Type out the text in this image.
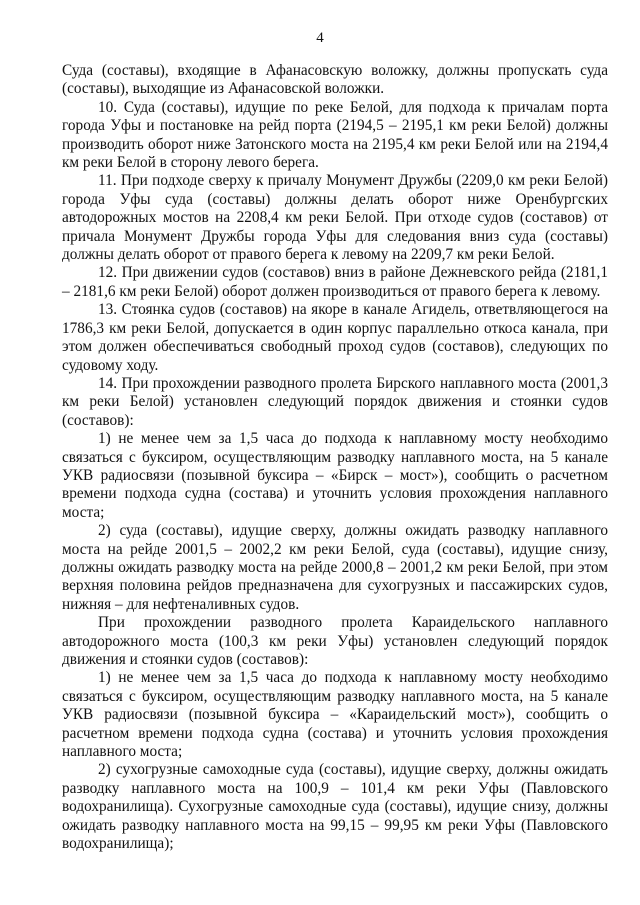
4

Суда (составы), входящие в Афанасовскую воложку, должны пропускать суда (составы), выходящие из Афанасовской воложки.

10. Суда (составы), идущие по реке Белой, для подхода к причалам порта города Уфы и постановке на рейд порта (2194,5 – 2195,1 км реки Белой) должны производить оборот ниже Затонского моста на 2195,4 км реки Белой или на 2194,4 км реки Белой в сторону левого берега.

11. При подходе сверху к причалу Монумент Дружбы (2209,0 км реки Белой) города Уфы суда (составы) должны делать оборот ниже Оренбургских автодорожных мостов на 2208,4 км реки Белой. При отходе судов (составов) от причала Монумент Дружбы города Уфы для следования вниз суда (составы) должны делать оборот от правого берега к левому на 2209,7 км реки Белой.

12. При движении судов (составов) вниз в районе Дежневского рейда (2181,1 – 2181,6 км реки Белой) оборот должен производиться от правого берега к левому.

13. Стоянка судов (составов) на якоре в канале Агидель, ответвляющегося на 1786,3 км реки Белой, допускается в один корпус параллельно откоса канала, при этом должен обеспечиваться свободный проход судов (составов), следующих по судовому ходу.

14. При прохождении разводного пролета Бирского наплавного моста (2001,3 км реки Белой) установлен следующий порядок движения и стоянки судов (составов):

1) не менее чем за 1,5 часа до подхода к наплавному мосту необходимо связаться с буксиром, осуществляющим разводку наплавного моста, на 5 канале УКВ радиосвязи (позывной буксира – «Бирск – мост»), сообщить о расчетном времени подхода судна (состава) и уточнить условия прохождения наплавного моста;

2) суда (составы), идущие сверху, должны ожидать разводку наплавного моста на рейде 2001,5 – 2002,2 км реки Белой, суда (составы), идущие снизу, должны ожидать разводку моста на рейде 2000,8 – 2001,2 км реки Белой, при этом верхняя половина рейдов предназначена для сухогрузных и пассажирских судов, нижняя – для нефтеналивных судов.

При прохождении разводного пролета Караидельского наплавного автодорожного моста (100,3 км реки Уфы) установлен следующий порядок движения и стоянки судов (составов):

1) не менее чем за 1,5 часа до подхода к наплавному мосту необходимо связаться с буксиром, осуществляющим разводку наплавного моста, на 5 канале УКВ радиосвязи (позывной буксира – «Караидельский мост»), сообщить о расчетном времени подхода судна (состава) и уточнить условия прохождения наплавного моста;

2) сухогрузные самоходные суда (составы), идущие сверху, должны ожидать разводку наплавного моста на 100,9 – 101,4 км реки Уфы (Павловского водохранилища). Сухогрузные самоходные суда (составы), идущие снизу, должны ожидать разводку наплавного моста на 99,15 – 99,95 км реки Уфы (Павловского водохранилища);
